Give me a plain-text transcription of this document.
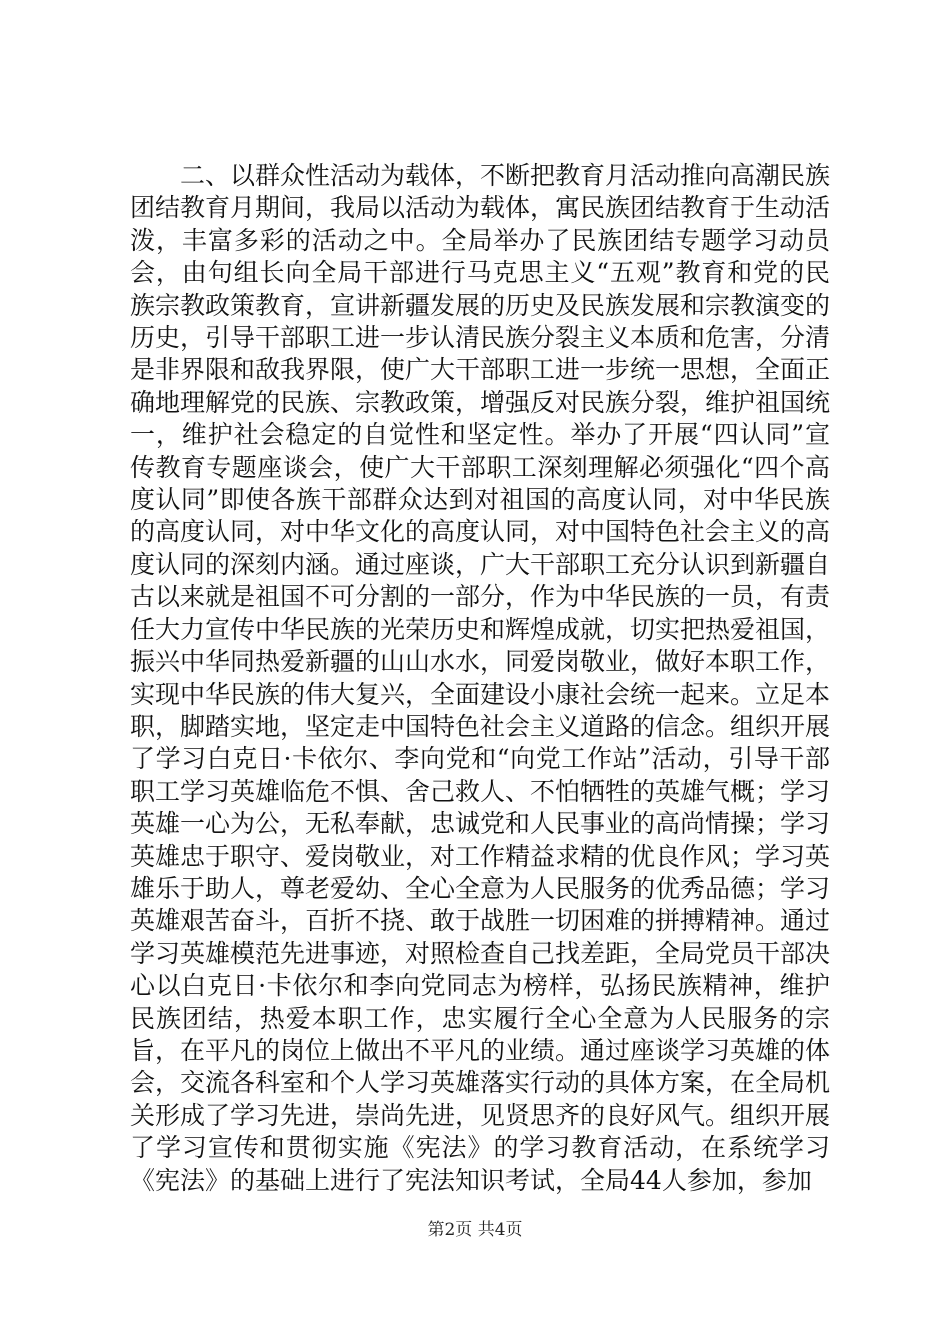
二、以群众性活动为载体，不断把教育月活动推向高潮民族团结教育月期间，我局以活动为载体，寓民族团结教育于生动活泼，丰富多彩的活动之中。全局举办了民族团结专题学习动员会，由句组长向全局干部进行马克思主义“五观”教育和党的民族宗教政策教育，宣讲新疆发展的历史及民族发展和宗教演变的历史，引导干部职工进一步认清民族分裂主义本质和危害，分清是非界限和敌我界限，使广大干部职工进一步统一思想，全面正确地理解党的民族、宗教政策，增强反对民族分裂，维护祖国统一，维护社会稳定的自觉性和坚定性。举办了开展“四认同”宣传教育专题座谈会，使广大干部职工深刻理解必须强化“四个高度认同”即使各族干部群众达到对祖国的高度认同，对中华民族的高度认同，对中华文化的高度认同，对中国特色社会主义的高度认同的深刻内涵。通过座谈，广大干部职工充分认识到新疆自古以来就是祖国不可分割的一部分，作为中华民族的一员，有责任大力宣传中华民族的光荣历史和辉煌成就，切实把热爱祖国，振兴中华同热爱新疆的山山水水，同爱岗敬业，做好本职工作，实现中华民族的伟大复兴，全面建设小康社会统一起来。立足本职，脚踏实地，坚定走中国特色社会主义道路的信念。组织开展了学习白克日·卡依尔、李向党和“向党工作站”活动，引导干部职工学习英雄临危不惧、舍己救人、不怕牺牲的英雄气概；学习英雄一心为公，无私奉献，忠诚党和人民事业的高尚情操；学习英雄忠于职守、爱岗敬业，对工作精益求精的优良作风；学习英雄乐于助人，尊老爱幼、全心全意为人民服务的优秀品德；学习英雄艰苦奋斗，百折不挠、敢于战胜一切困难的拼搏精神。通过学习英雄模范先进事迹，对照检查自己找差距，全局党员干部决心以白克日·卡依尔和李向党同志为榜样，弘扬民族精神，维护民族团结，热爱本职工作，忠实履行全心全意为人民服务的宗旨，在平凡的岗位上做出不平凡的业绩。通过座谈学习英雄的体会，交流各科室和个人学习英雄落实行动的具体方案，在全局机关形成了学习先进，崇尚先进，见贤思齐的良好风气。组织开展了学习宣传和贯彻实施《宪法》的学习教育活动，在系统学习《宪法》的基础上进行了宪法知识考试，全局44人参加，参加

第2页 共4页
